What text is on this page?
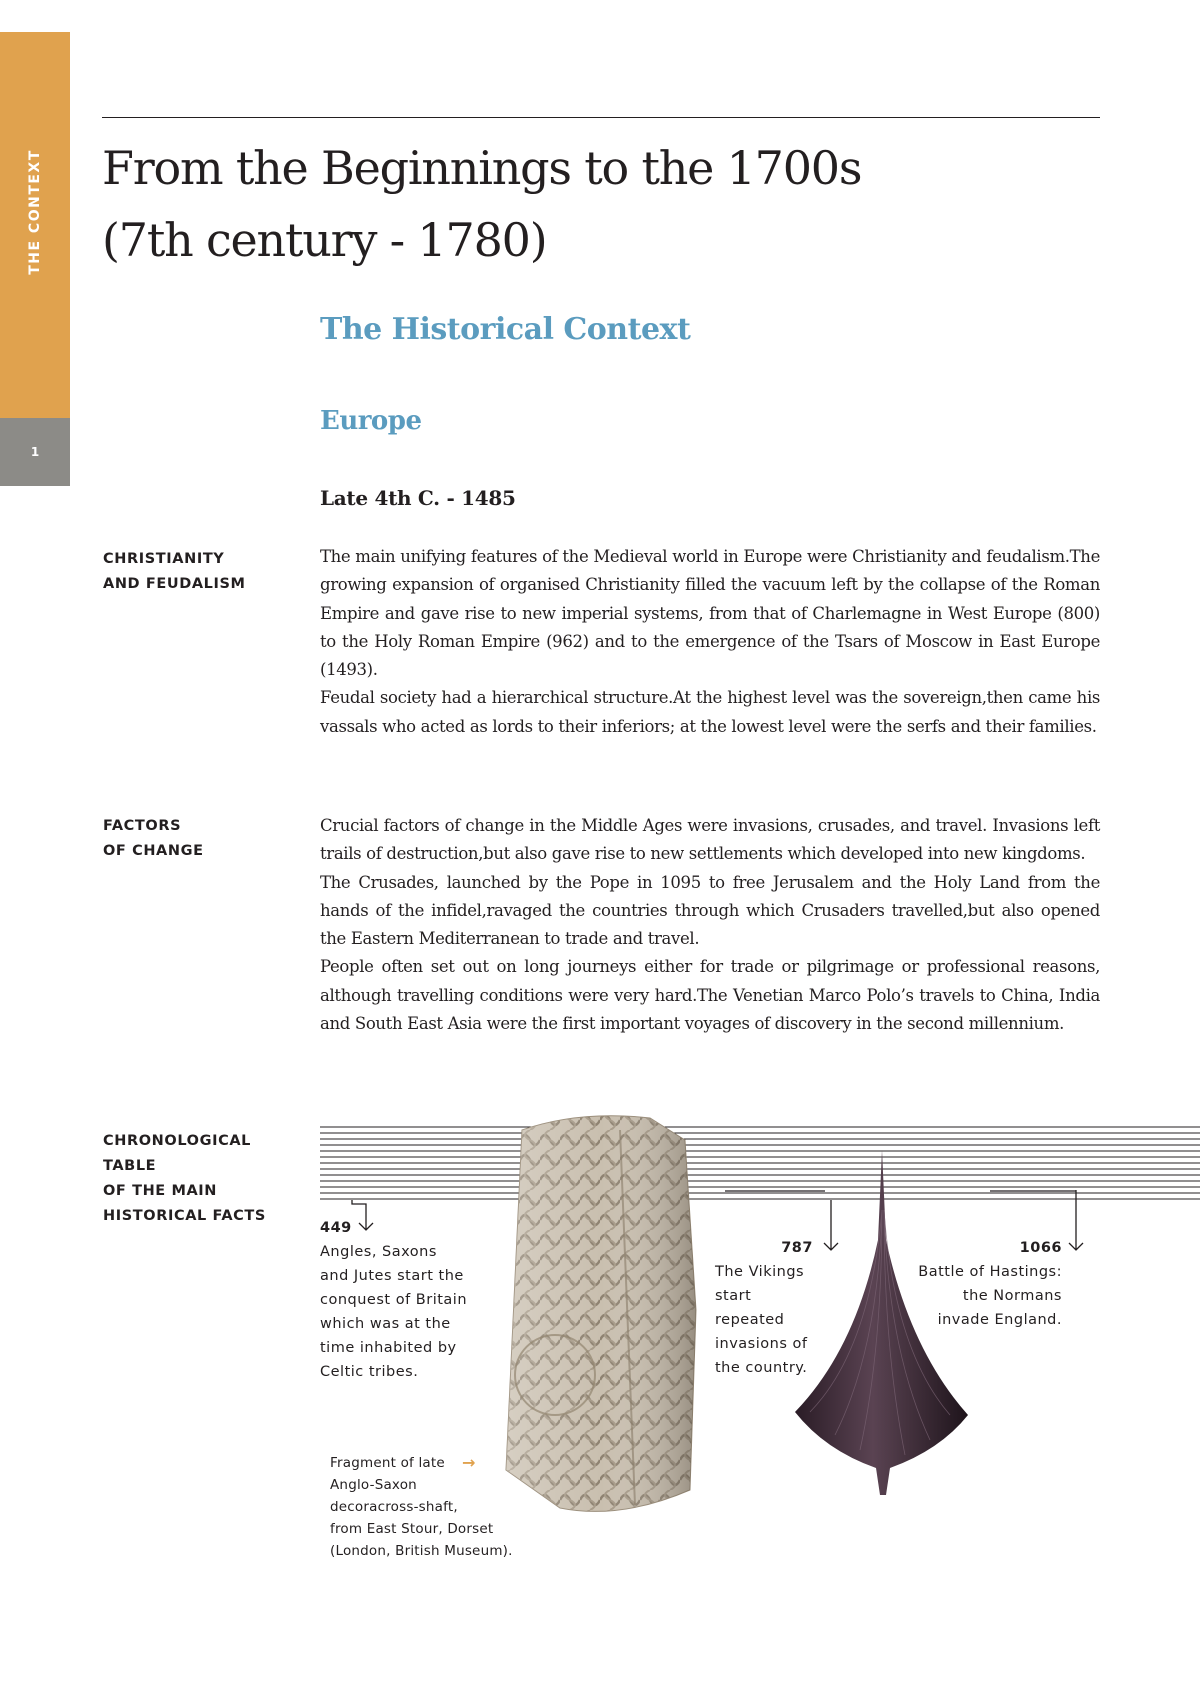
THE CONTEXT
1
From the Beginnings to the 1700s
(7th century - 1780)
The Historical Context
Europe
Late 4th C. - 1485
CHRISTIANITY
AND FEUDALISM

The main unifying features of the Medieval world in Europe were Christianity and feudalism.The growing expansion of organised Christianity filled the vacuum left by the collapse of the Roman Empire and gave rise to new imperial systems, from that of Charlemagne in West Europe (800) to the Holy Roman Empire (962) and to the emergence of the Tsars of Moscow in East Europe (1493).

Feudal society had a hierarchical structure.At the highest level was the sovereign,then came his vassals who acted as lords to their inferiors; at the lowest level were the serfs and their families.

FACTORS
OF CHANGE

Crucial factors of change in the Middle Ages were invasions, crusades, and travel. Invasions left trails of destruction,but also gave rise to new settlements which developed into new kingdoms.

The Crusades, launched by the Pope in 1095 to free Jerusalem and the Holy Land from the hands of the infidel,ravaged the countries through which Crusaders travelled,but also opened the Eastern Mediterranean to trade and travel.

People often set out on long journeys either for trade or pilgrimage or professional reasons, although travelling conditions were very hard.The Venetian Marco Polo’s travels to China, India and South East Asia were the first important voyages of discovery in the second millennium.

CHRONOLOGICAL
TABLE
OF THE MAIN
HISTORICAL FACTS
449
Angles, Saxons
and Jutes start the
conquest of Britain
which was at the
time inhabited by
Celtic tribes.
787
The Vikings
start
repeated
invasions of
the country.
1066
Battle of Hastings:
the Normans
invade England.
→
Fragment of late
Anglo-Saxon
decoracross-shaft,
from East Stour, Dorset
(London, British Museum).
